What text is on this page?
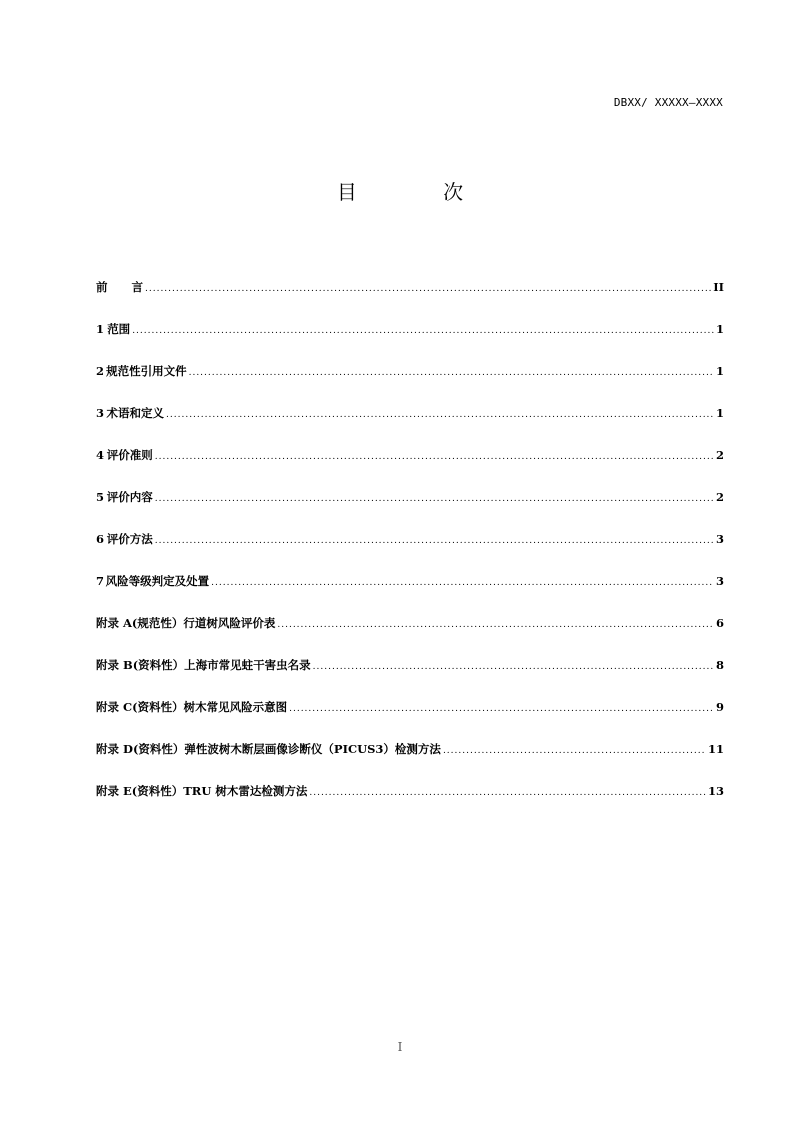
DBXX/ XXXXX—XXXX
目 次
前 言 .....	II
1 范围 .....	1
2 规范性引用文件 .....	1
3 术语和定义 .....	1
4 评价准则 .....	2
5 评价内容 .....	2
6 评价方法 .....	3
7 风险等级判定及处置 .....	3
附录 A(规范性）行道树风险评价表 .....	6
附录 B(资料性）上海市常见蛀干害虫名录 .....	8
附录 C(资料性）树木常见风险示意图 .....	9
附录 D(资料性）弹性波树木断层画像诊断仪（PICUS3）检测方法 .....	11
附录 E(资料性）TRU 树木雷达检测方法 .....	13
I
